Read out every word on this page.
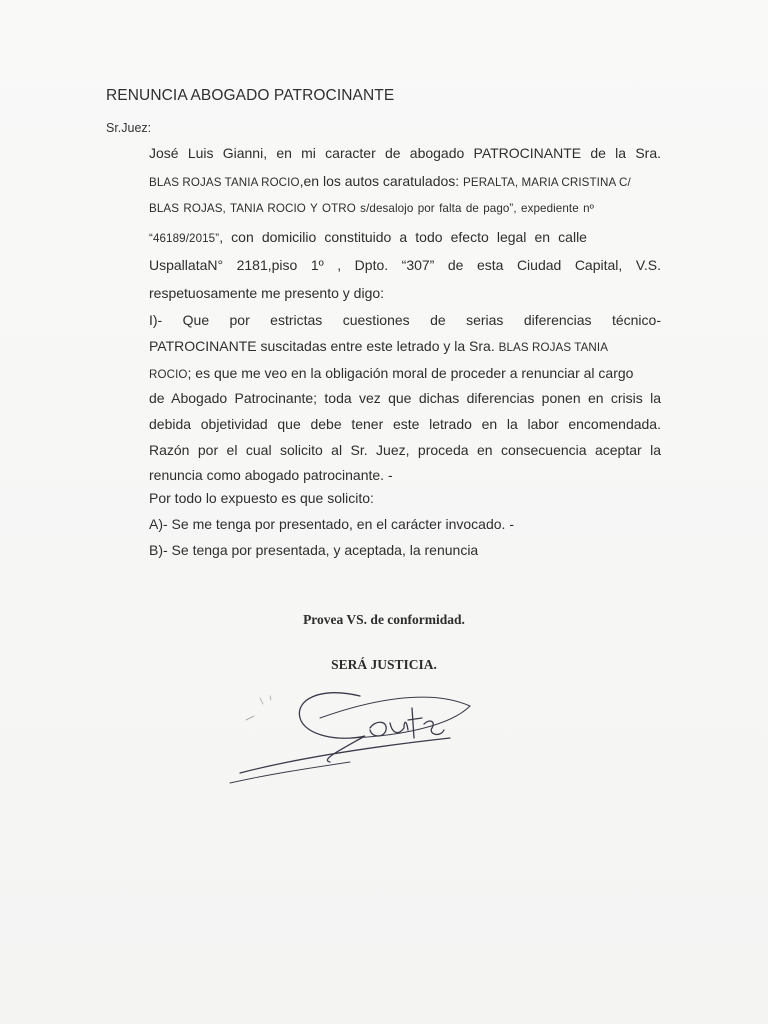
RENUNCIA ABOGADO PATROCINANTE
Sr.Juez:
José Luis Gianni, en mi caracter de abogado PATROCINANTE de la Sra.
BLAS ROJAS TANIA ROCIO,en los autos caratulados: PERALTA, MARIA CRISTINA C/
BLAS ROJAS, TANIA ROCIO Y OTRO s/desalojo por falta de pago”, expediente nº
“46189/2015”, con domicilio constituido a todo efecto legal en calle
UspallataN° 2181,piso 1º , Dpto. “307” de esta Ciudad Capital, V.S.
respetuosamente me presento y digo:
I)- Que por estrictas cuestiones de serias diferencias técnico-
PATROCINANTE suscitadas entre este letrado y la Sra. BLAS ROJAS TANIA
ROCIO; es que me veo en la obligación moral de proceder a renunciar al cargo
de Abogado Patrocinante; toda vez que dichas diferencias ponen en crisis la
debida objetividad que debe tener este letrado en la labor encomendada.
Razón por el cual solicito al Sr. Juez, proceda en consecuencia aceptar la
renuncia como abogado patrocinante. -
Por todo lo expuesto es que solicito:
A)- Se me tenga por presentado, en el carácter invocado. -
B)- Se tenga por presentada, y aceptada, la renuncia
Provea VS. de conformidad.
SERÁ JUSTICIA.
